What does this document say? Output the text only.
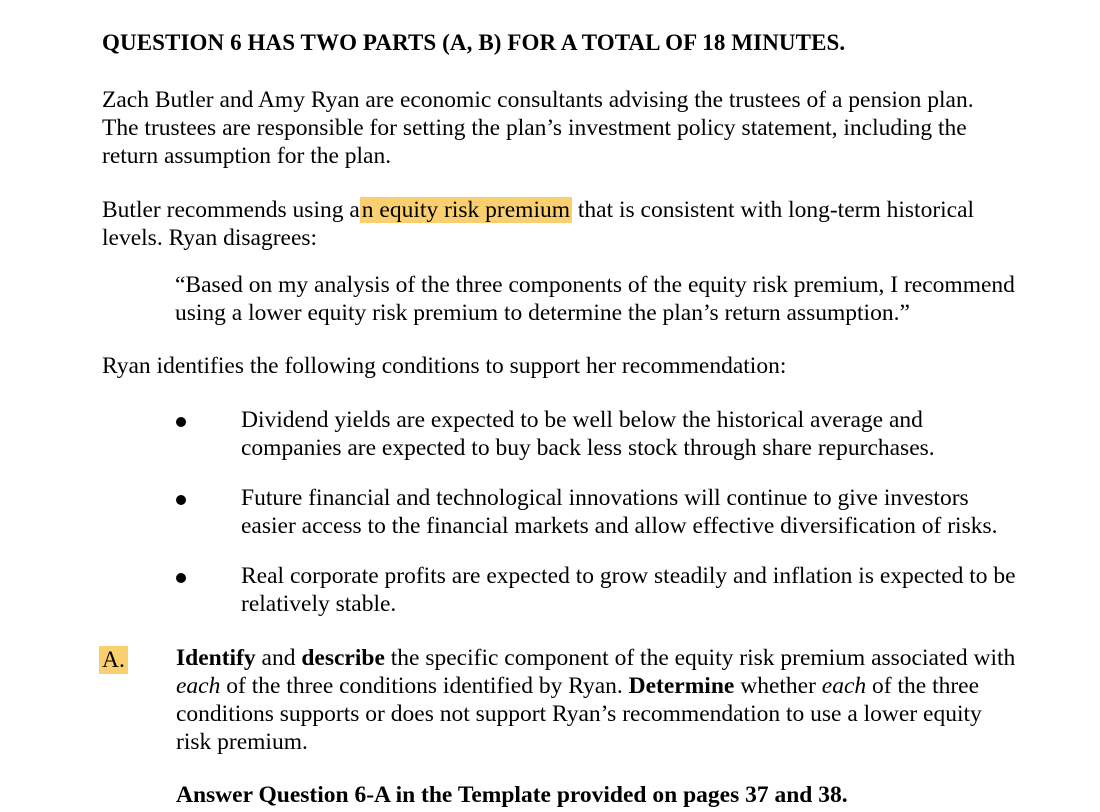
QUESTION 6 HAS TWO PARTS (A, B) FOR A TOTAL OF 18 MINUTES.
Zach Butler and Amy Ryan are economic consultants advising the trustees of a pension plan.
The trustees are responsible for setting the plan’s investment policy statement, including the
return assumption for the plan.
Butler recommends using an equity risk premium that is consistent with long-term historical
levels. Ryan disagrees:
“Based on my analysis of the three components of the equity risk premium, I recommend
using a lower equity risk premium to determine the plan’s return assumption.”
Ryan identifies the following conditions to support her recommendation:
Dividend yields are expected to be well below the historical average and
companies are expected to buy back less stock through share repurchases.
Future financial and technological innovations will continue to give investors
easier access to the financial markets and allow effective diversification of risks.
Real corporate profits are expected to grow steadily and inflation is expected to be
relatively stable.
A. Identify and describe the specific component of the equity risk premium associated with
each of the three conditions identified by Ryan. Determine whether each of the three
conditions supports or does not support Ryan’s recommendation to use a lower equity
risk premium.
Answer Question 6-A in the Template provided on pages 37 and 38.
